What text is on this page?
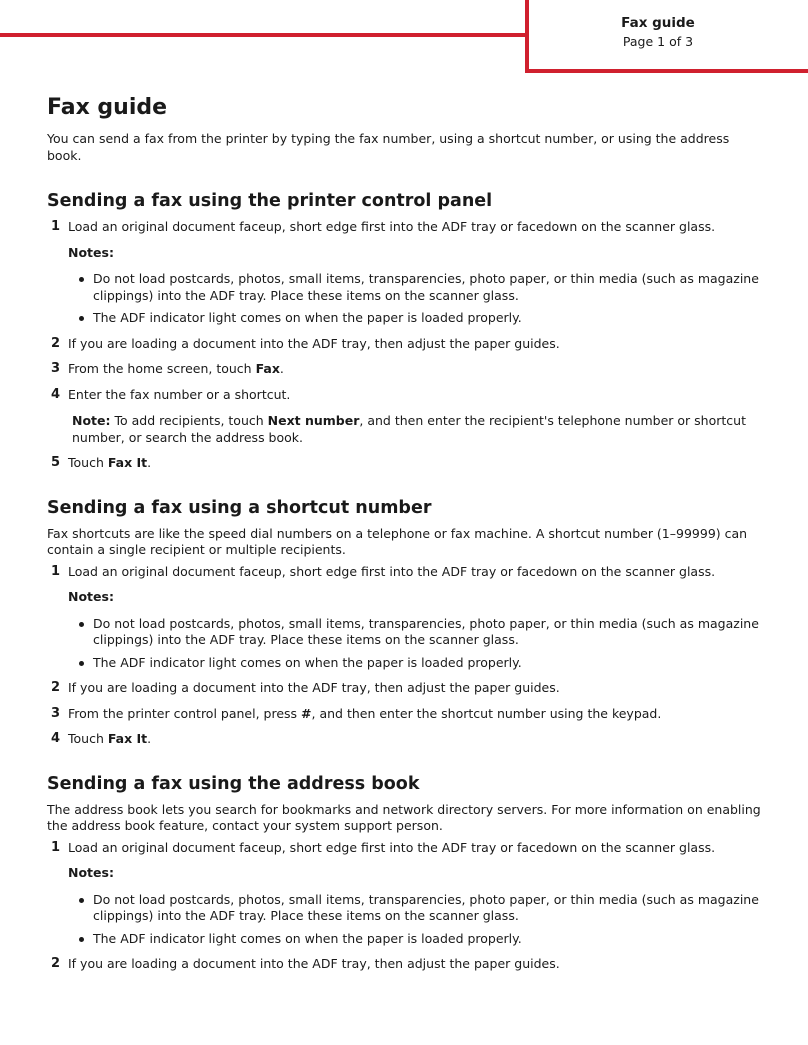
Fax guide
Page 1 of 3
Fax guide

You can send a fax from the printer by typing the fax number, using a shortcut number, or using the address book.

Sending a fax using the printer control panel
1 Load an original document faceup, short edge first into the ADF tray or facedown on the scanner glass.
Notes:
Do not load postcards, photos, small items, transparencies, photo paper, or thin media (such as magazine clippings) into the ADF tray. Place these items on the scanner glass.
The ADF indicator light comes on when the paper is loaded properly.
2 If you are loading a document into the ADF tray, then adjust the paper guides.
3 From the home screen, touch Fax.
4 Enter the fax number or a shortcut.
Note: To add recipients, touch Next number, and then enter the recipient's telephone number or shortcut number, or search the address book.
5 Touch Fax It.
Sending a fax using a shortcut number

Fax shortcuts are like the speed dial numbers on a telephone or fax machine. A shortcut number (1–99999) can contain a single recipient or multiple recipients.

1 Load an original document faceup, short edge first into the ADF tray or facedown on the scanner glass.
Notes:
Do not load postcards, photos, small items, transparencies, photo paper, or thin media (such as magazine clippings) into the ADF tray. Place these items on the scanner glass.
The ADF indicator light comes on when the paper is loaded properly.
2 If you are loading a document into the ADF tray, then adjust the paper guides.
3 From the printer control panel, press #, and then enter the shortcut number using the keypad.
4 Touch Fax It.
Sending a fax using the address book

The address book lets you search for bookmarks and network directory servers. For more information on enabling the address book feature, contact your system support person.

1 Load an original document faceup, short edge first into the ADF tray or facedown on the scanner glass.
Notes:
Do not load postcards, photos, small items, transparencies, photo paper, or thin media (such as magazine clippings) into the ADF tray. Place these items on the scanner glass.
The ADF indicator light comes on when the paper is loaded properly.
2 If you are loading a document into the ADF tray, then adjust the paper guides.
